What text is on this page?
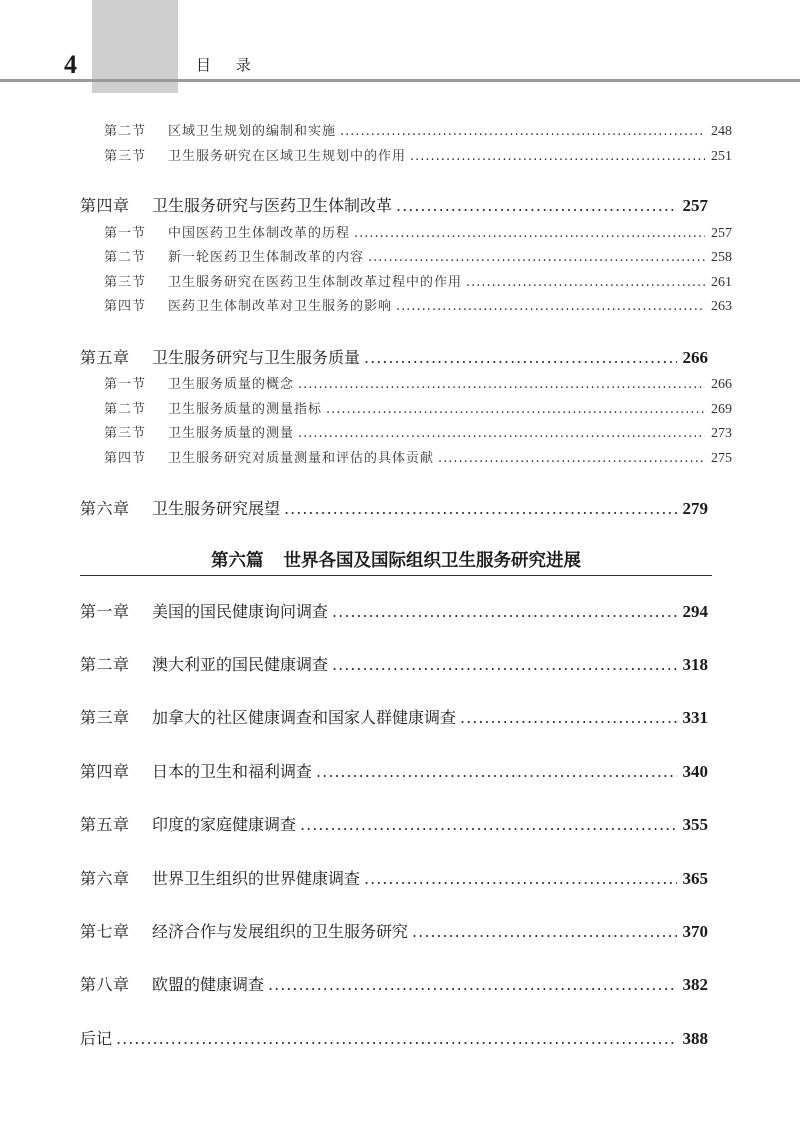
4	目 录
第二节 区域卫生规划的编制和实施 .....	248
第三节 卫生服务研究在区域卫生规划中的作用 .....	251
第四章 卫生服务研究与医药卫生体制改革 .....	257
第一节 中国医药卫生体制改革的历程 .....	257
第二节 新一轮医药卫生体制改革的内容 .....	258
第三节 卫生服务研究在医药卫生体制改革过程中的作用 .....	261
第四节 医药卫生体制改革对卫生服务的影响 .....	263
第五章 卫生服务研究与卫生服务质量 .....	266
第一节 卫生服务质量的概念 .....	266
第二节 卫生服务质量的测量指标 .....	269
第三节 卫生服务质量的测量 .....	273
第四节 卫生服务研究对质量测量和评估的具体贡献 .....	275
第六章 卫生服务研究展望 .....	279
第六篇 世界各国及国际组织卫生服务研究进展
第一章 美国的国民健康询问调查 .....	294
第二章 澳大利亚的国民健康调查 .....	318
第三章 加拿大的社区健康调查和国家人群健康调查 .....	331
第四章 日本的卫生和福利调查 .....	340
第五章 印度的家庭健康调查 .....	355
第六章 世界卫生组织的世界健康调查 .....	365
第七章 经济合作与发展组织的卫生服务研究 .....	370
第八章 欧盟的健康调查 .....	382
后记 .....	388
